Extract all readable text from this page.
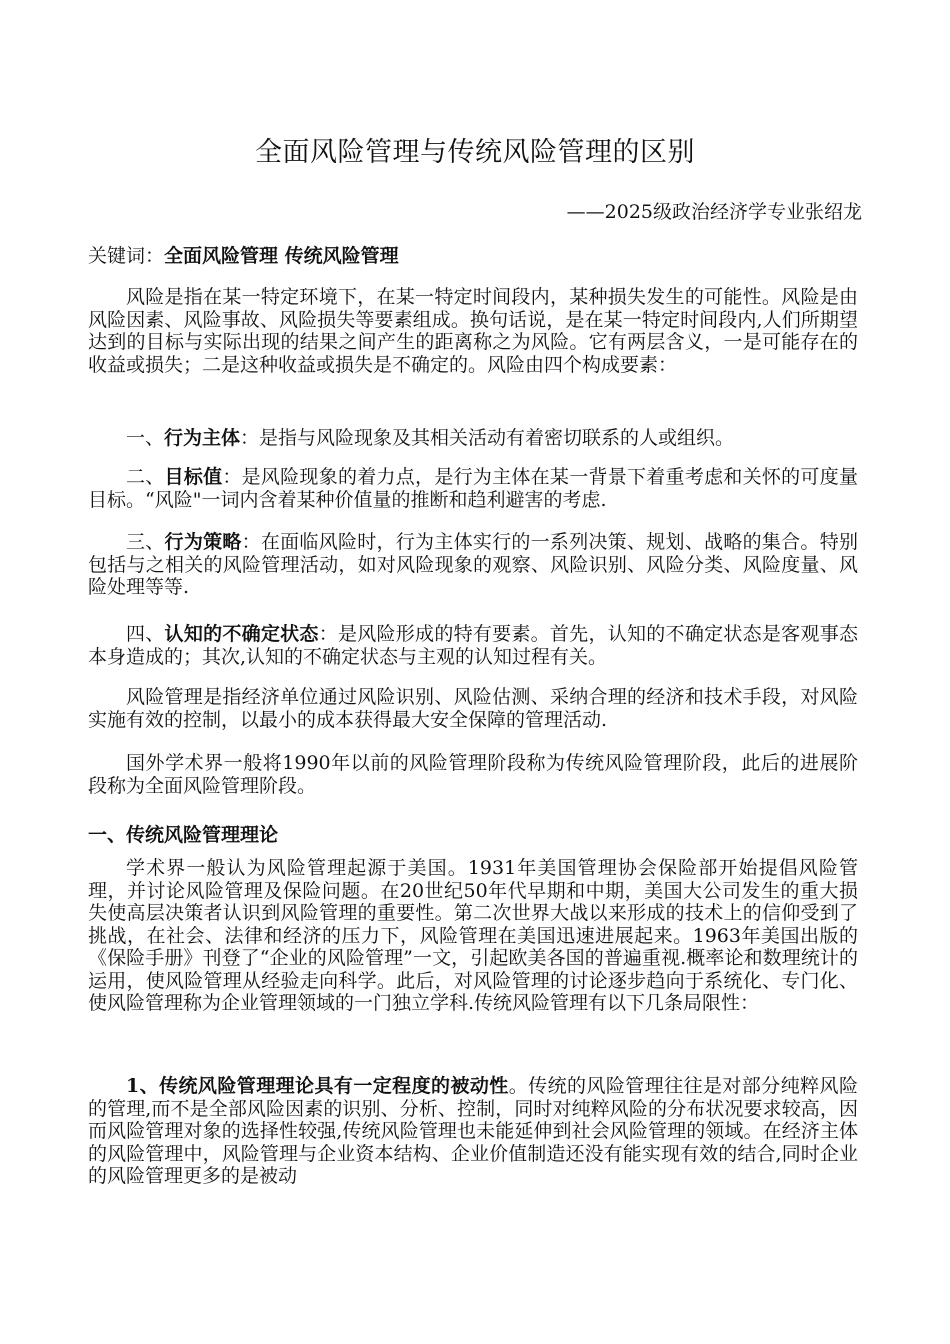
全面风险管理与传统风险管理的区别
——2025级政治经济学专业张绍龙
关键词：全面风险管理 传统风险管理

风险是指在某一特定环境下，在某一特定时间段内，某种损失发生的可能性。风险是由风险因素、风险事故、风险损失等要素组成。换句话说，是在某一特定时间段内,人们所期望达到的目标与实际出现的结果之间产生的距离称之为风险。它有两层含义，一是可能存在的收益或损失；二是这种收益或损失是不确定的。风险由四个构成要素：

一、行为主体：是指与风险现象及其相关活动有着密切联系的人或组织。

二、目标值：是风险现象的着力点，是行为主体在某一背景下着重考虑和关怀的可度量目标。“风险"一词内含着某种价值量的推断和趋利避害的考虑.

三、行为策略：在面临风险时，行为主体实行的一系列决策、规划、战略的集合。特别包括与之相关的风险管理活动，如对风险现象的观察、风险识别、风险分类、风险度量、风险处理等等.

四、认知的不确定状态：是风险形成的特有要素。首先，认知的不确定状态是客观事态本身造成的；其次,认知的不确定状态与主观的认知过程有关。

风险管理是指经济单位通过风险识别、风险估测、采纳合理的经济和技术手段，对风险实施有效的控制，以最小的成本获得最大安全保障的管理活动.

国外学术界一般将1990年以前的风险管理阶段称为传统风险管理阶段，此后的进展阶段称为全面风险管理阶段。

一、传统风险管理理论

学术界一般认为风险管理起源于美国。1931年美国管理协会保险部开始提倡风险管理，并讨论风险管理及保险问题。在20世纪50年代早期和中期，美国大公司发生的重大损失使高层决策者认识到风险管理的重要性。第二次世界大战以来形成的技术上的信仰受到了挑战，在社会、法律和经济的压力下，风险管理在美国迅速进展起来。1963年美国出版的《保险手册》刊登了“企业的风险管理”一文，引起欧美各国的普遍重视.概率论和数理统计的运用，使风险管理从经验走向科学。此后，对风险管理的讨论逐步趋向于系统化、专门化、使风险管理称为企业管理领域的一门独立学科.传统风险管理有以下几条局限性：

1、传统风险管理理论具有一定程度的被动性。传统的风险管理往往是对部分纯粹风险的管理,而不是全部风险因素的识别、分析、控制，同时对纯粹风险的分布状况要求较高，因而风险管理对象的选择性较强,传统风险管理也未能延伸到社会风险管理的领域。在经济主体的风险管理中，风险管理与企业资本结构、企业价值制造还没有能实现有效的结合,同时企业的风险管理更多的是被动
